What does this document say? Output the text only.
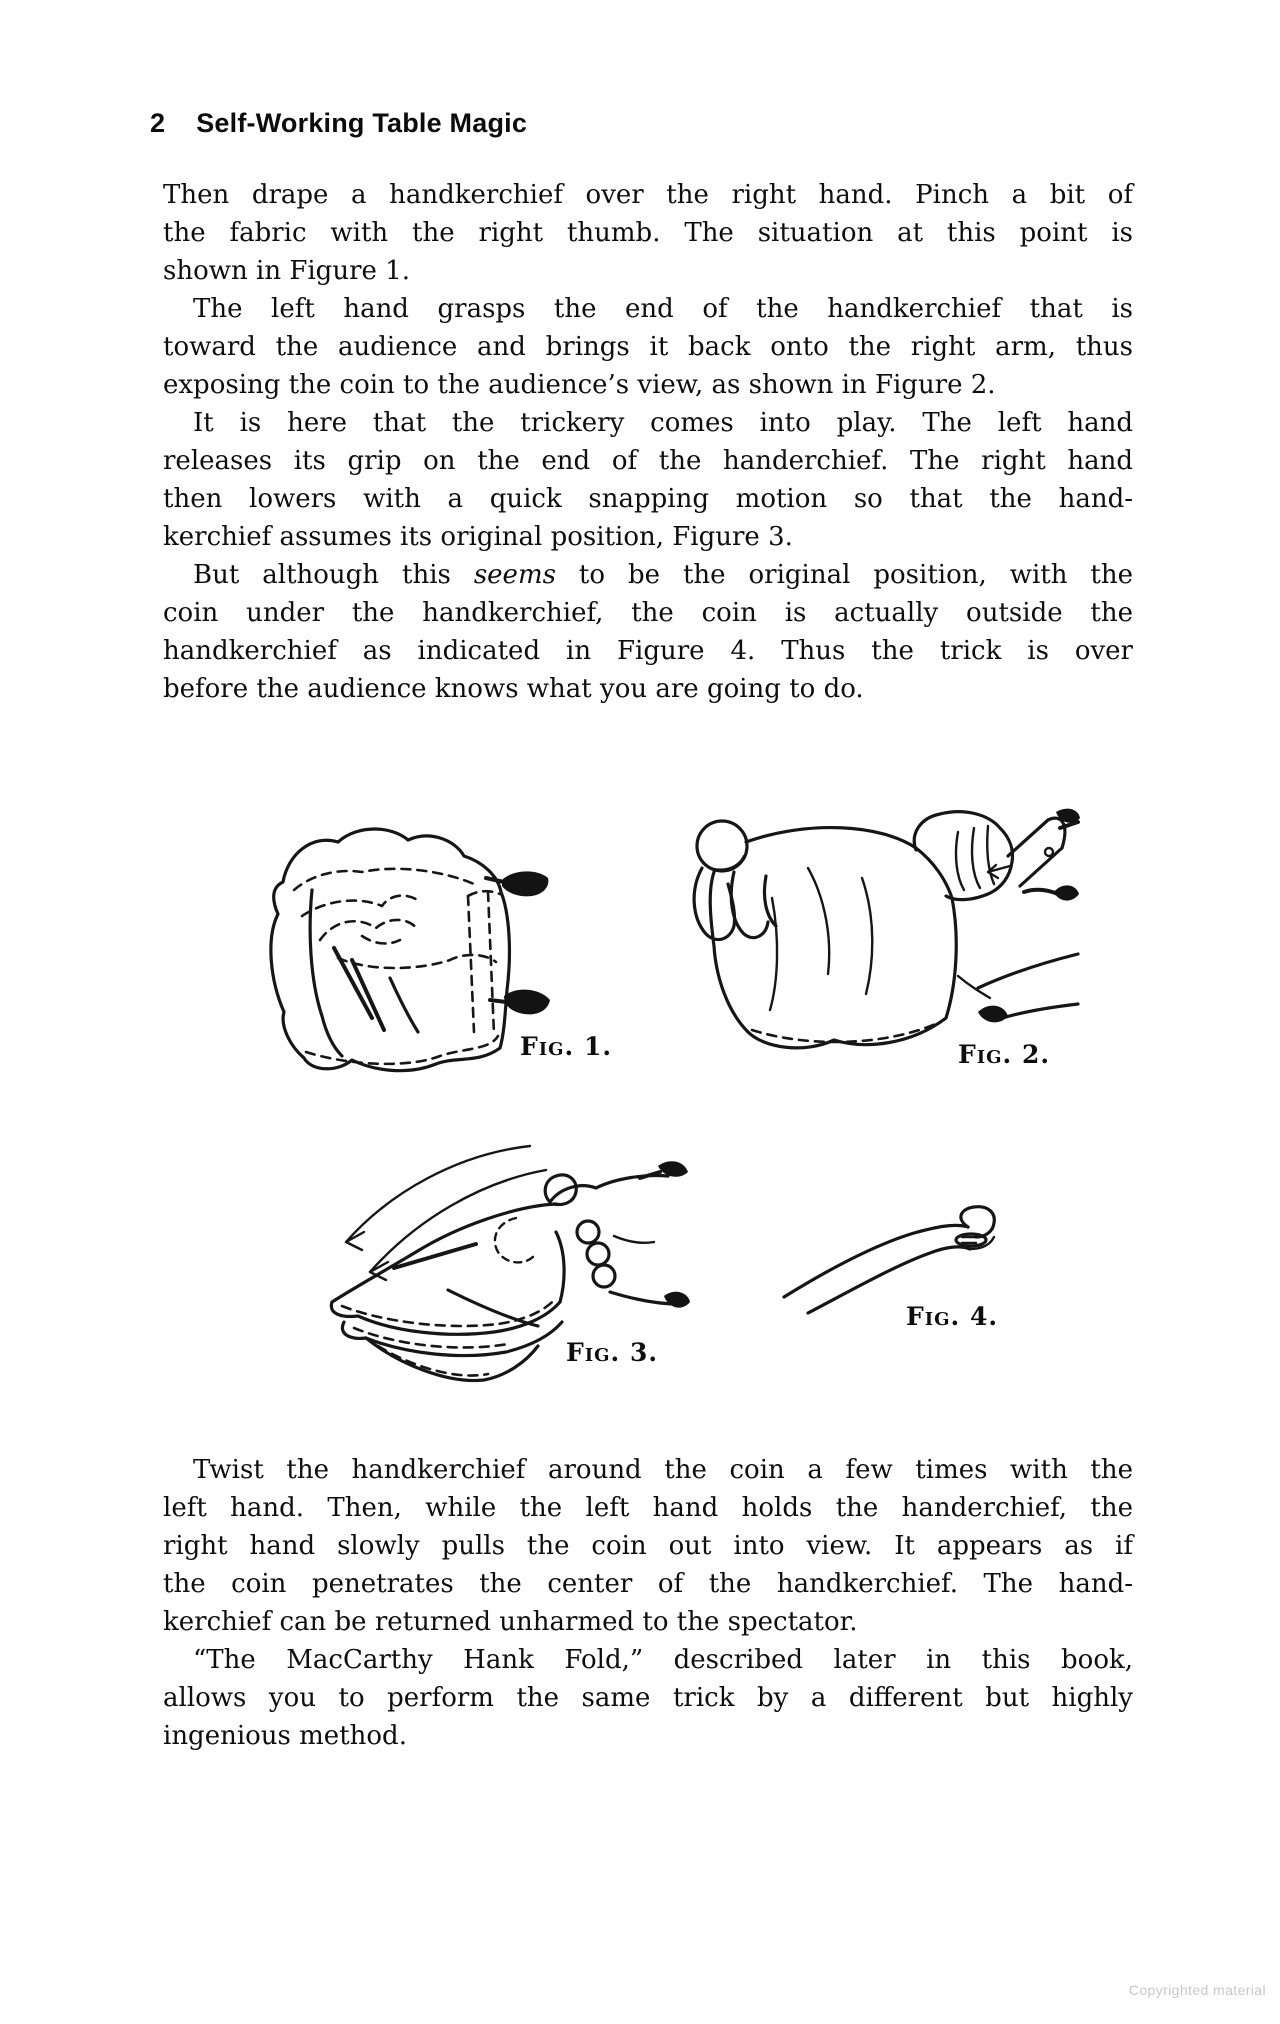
2 Self-Working Table Magic
Then drape a handkerchief over the right hand. Pinch a bit of
the fabric with the right thumb. The situation at this point is
shown in Figure 1.
The left hand grasps the end of the handkerchief that is
toward the audience and brings it back onto the right arm, thus
exposing the coin to the audience’s view, as shown in Figure 2.
It is here that the trickery comes into play. The left hand
releases its grip on the end of the handerchief. The right hand
then lowers with a quick snapping motion so that the hand-
kerchief assumes its original position, Figure 3.
But although this seems to be the original position, with the
coin under the handkerchief, the coin is actually outside the
handkerchief as indicated in Figure 4. Thus the trick is over
before the audience knows what you are going to do.
Fig. 1.	Fig. 2.
Fig. 3.
Fig. 4.
Twist the handkerchief around the coin a few times with the
left hand. Then, while the left hand holds the handerchief, the
right hand slowly pulls the coin out into view. It appears as if
the coin penetrates the center of the handkerchief. The hand-
kerchief can be returned unharmed to the spectator.
“The MacCarthy Hank Fold,” described later in this book,
allows you to perform the same trick by a different but highly
ingenious method.
Copyrighted material
